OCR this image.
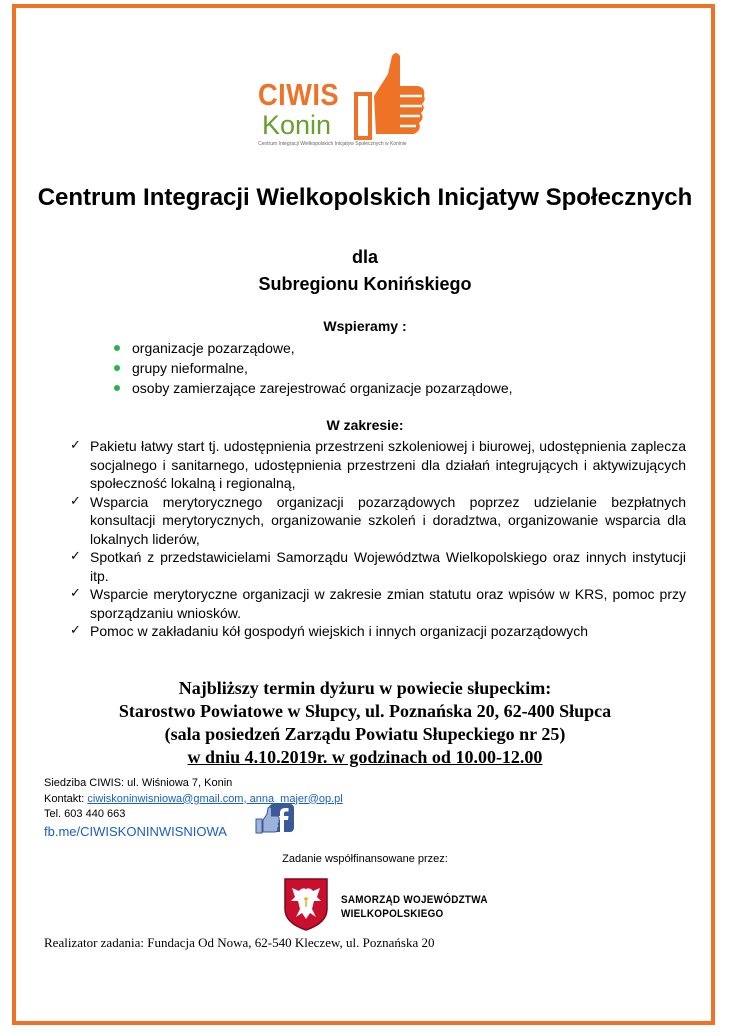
CIWIS
Konin
Centrum Integracji Wielkopolskich Inicjatyw Społecznych w Koninie
Centrum Integracji Wielkopolskich Inicjatyw Społecznych
dla
Subregionu Konińskiego
Wspieramy :
organizacje pozarządowe,
grupy nieformalne,
osoby zamierzające zarejestrować organizacje pozarządowe,
W zakresie:
✓ Pakietu łatwy start tj. udostępnienia przestrzeni szkoleniowej i biurowej, udostępnienia zaplecza socjalnego i sanitarnego, udostępnienia przestrzeni dla działań integrujących i aktywizujących społeczność lokalną i regionalną,
✓ Wsparcia merytorycznego organizacji pozarządowych poprzez udzielanie bezpłatnych konsultacji merytorycznych, organizowanie szkoleń i doradztwa, organizowanie wsparcia dla lokalnych liderów,
✓ Spotkań z przedstawicielami Samorządu Województwa Wielkopolskiego oraz innych instytucji itp.
✓ Wsparcie merytoryczne organizacji w zakresie zmian statutu oraz wpisów w KRS, pomoc przy sporządzaniu wniosków.
✓ Pomoc w zakładaniu kół gospodyń wiejskich i innych organizacji pozarządowych
Najbliższy termin dyżuru w powiecie słupeckim:
Starostwo Powiatowe w Słupcy, ul. Poznańska 20, 62-400 Słupca
(sala posiedzeń Zarządu Powiatu Słupeckiego nr 25)
w dniu 4.10.2019r. w godzinach od 10.00-12.00
Siedziba CIWIS: ul. Wiśniowa 7, Konin
Kontakt: ciwiskoninwisniowa@gmail.com, anna_majer@op.pl
Tel. 603 440 663
fb.me/CIWISKONINWISNIOWA
Zadanie współfinansowane przez:
SAMORZĄD WOJEWÓDZTWA
WIELKOPOLSKIEGO
Realizator zadania: Fundacja Od Nowa, 62-540 Kleczew, ul. Poznańska 20
